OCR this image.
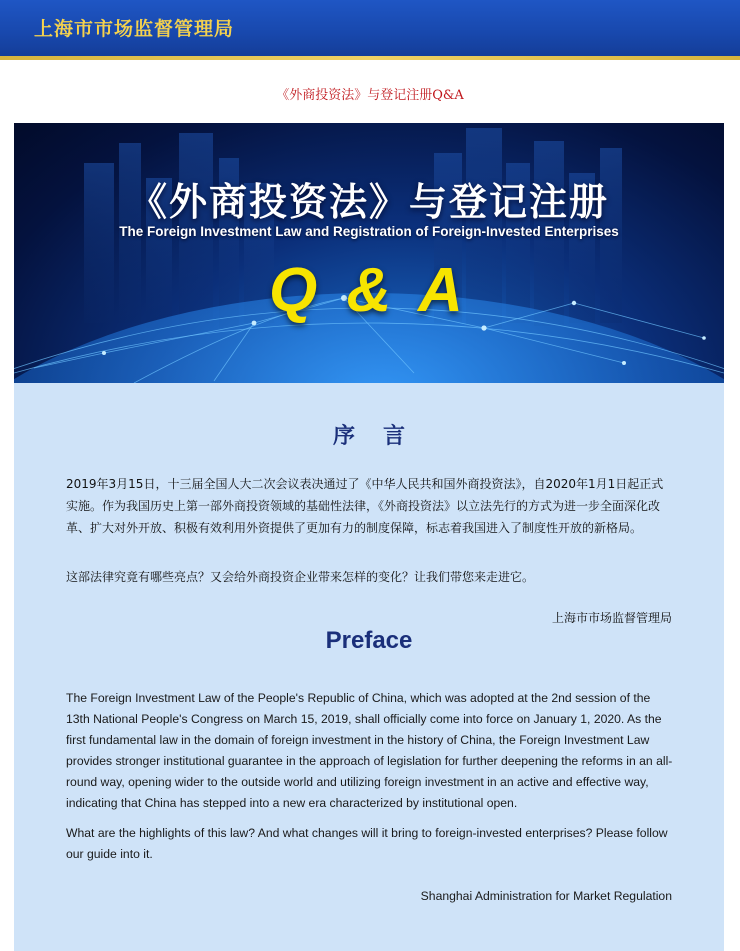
上海市市场监督管理局
《外商投资法》与登记注册Q&A
《外商投资法》与登记注册
The Foreign Investment Law and Registration of Foreign-Invested Enterprises
Q & A
序言

2019年3月15日，十三届全国人大二次会议表决通过了《中华人民共和国外商投资法》，自2020年1月1日起正式实施。作为我国历史上第一部外商投资领域的基础性法律，《外商投资法》以立法先行的方式为进一步全面深化改革、扩大对外开放、积极有效利用外资提供了更加有力的制度保障，标志着我国进入了制度性开放的新格局。

这部法律究竟有哪些亮点？又会给外商投资企业带来怎样的变化？让我们带您来走进它。

上海市市场监督管理局
Preface

The Foreign Investment Law of the People's Republic of China, which was adopted at the 2nd session of the 13th National People's Congress on March 15, 2019, shall officially come into force on January 1, 2020. As the first fundamental law in the domain of foreign investment in the history of China, the Foreign Investment Law provides stronger institutional guarantee in the approach of legislation for further deepening the reforms in an all-round way, opening wider to the outside world and utilizing foreign investment in an active and effective way, indicating that China has stepped into a new era characterized by institutional open.

What are the highlights of this law? And what changes will it bring to foreign-invested enterprises? Please follow our guide into it.

Shanghai Administration for Market Regulation
